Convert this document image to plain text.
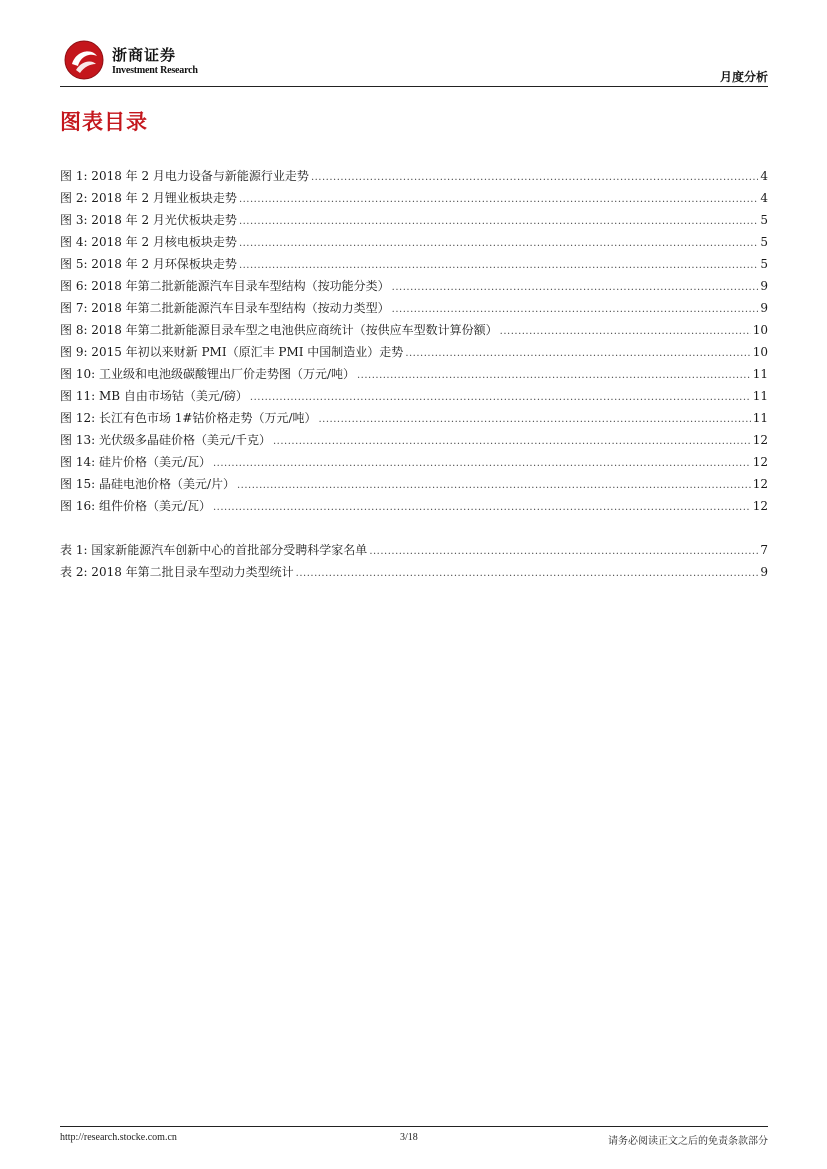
浙商证券
Investment Research	月度分析
图表目录
图 1: 2018 年 2 月电力设备与新能源行业走势 .....	4
图 2: 2018 年 2 月锂业板块走势 .....	4
图 3: 2018 年 2 月光伏板块走势 .....	5
图 4: 2018 年 2 月核电板块走势 .....	5
图 5: 2018 年 2 月环保板块走势 .....	5
图 6: 2018 年第二批新能源汽车目录车型结构（按功能分类） .....	9
图 7: 2018 年第二批新能源汽车目录车型结构（按动力类型） .....	9
图 8: 2018 年第二批新能源目录车型之电池供应商统计（按供应车型数计算份额） .....	10
图 9: 2015 年初以来财新 PMI（原汇丰 PMI 中国制造业）走势 .....	10
图 10: 工业级和电池级碳酸锂出厂价走势图（万元/吨） .....	11
图 11: MB 自由市场钴（美元/磅） .....	11
图 12: 长江有色市场 1#钴价格走势（万元/吨） .....	11
图 13: 光伏级多晶硅价格（美元/千克） .....	12
图 14: 硅片价格（美元/瓦） .....	12
图 15: 晶硅电池价格（美元/片） .....	12
图 16: 组件价格（美元/瓦） .....	12
表 1: 国家新能源汽车创新中心的首批部分受聘科学家名单 .....	7
表 2: 2018 年第二批目录车型动力类型统计 .....	9
http://research.stocke.com.cn	3/18	请务必阅读正文之后的免责条款部分
